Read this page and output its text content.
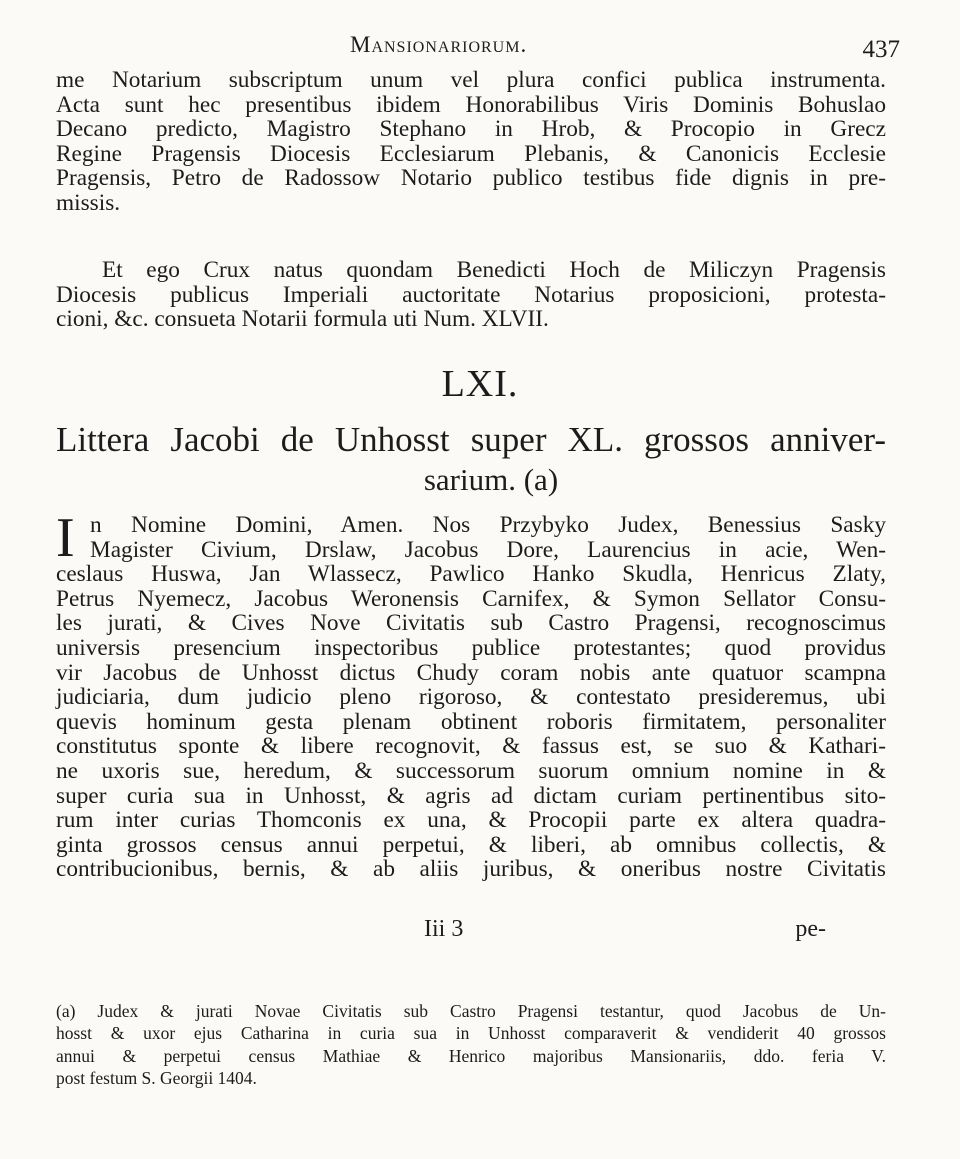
Mansionariorum.	437
me Notarium subscriptum unum vel plura confici publica instrumenta.
Acta sunt hec presentibus ibidem Honorabilibus Viris Dominis Bohuslao
Decano predicto, Magistro Stephano in Hrob, & Procopio in Grecz
Regine Pragensis Diocesis Ecclesiarum Plebanis, & Canonicis Ecclesie
Pragensis, Petro de Radossow Notario publico testibus fide dignis in pre-
missis.
Et ego Crux natus quondam Benedicti Hoch de Miliczyn Pragensis
Diocesis publicus Imperiali auctoritate Notarius proposicioni, protesta-
cioni, &c. consueta Notarii formula uti Num. XLVII.
LXI.
Littera Jacobi de Unhosst super XL. grossos anniver-
sarium. (a)
I n Nomine Domini, Amen. Nos Przybyko Judex, Benessius Sasky
Magister Civium, Drslaw, Jacobus Dore, Laurencius in acie, Wen-
ceslaus Huswa, Jan Wlassecz, Pawlico Hanko Skudla, Henricus Zlaty,
Petrus Nyemecz, Jacobus Weronensis Carnifex, & Symon Sellator Consu-
les jurati, & Cives Nove Civitatis sub Castro Pragensi, recognoscimus
universis presencium inspectoribus publice protestantes; quod providus
vir Jacobus de Unhosst dictus Chudy coram nobis ante quatuor scampna
judiciaria, dum judicio pleno rigoroso, & contestato presideremus, ubi
quevis hominum gesta plenam obtinent roboris firmitatem, personaliter
constitutus sponte & libere recognovit, & fassus est, se suo & Kathari-
ne uxoris sue, heredum, & successorum suorum omnium nomine in &
super curia sua in Unhosst, & agris ad dictam curiam pertinentibus sito-
rum inter curias Thomconis ex una, & Procopii parte ex altera quadra-
ginta grossos census annui perpetui, & liberi, ab omnibus collectis, &
contribucionibus, bernis, & ab aliis juribus, & oneribus nostre Civitatis
Iii 3	pe-
(a) Judex & jurati Novae Civitatis sub Castro Pragensi testantur, quod Jacobus de Un-
hosst & uxor ejus Catharina in curia sua in Unhosst comparaverit & vendiderit 40 grossos
annui & perpetui census Mathiae & Henrico majoribus Mansionariis, ddo. feria V.
post festum S. Georgii 1404.
